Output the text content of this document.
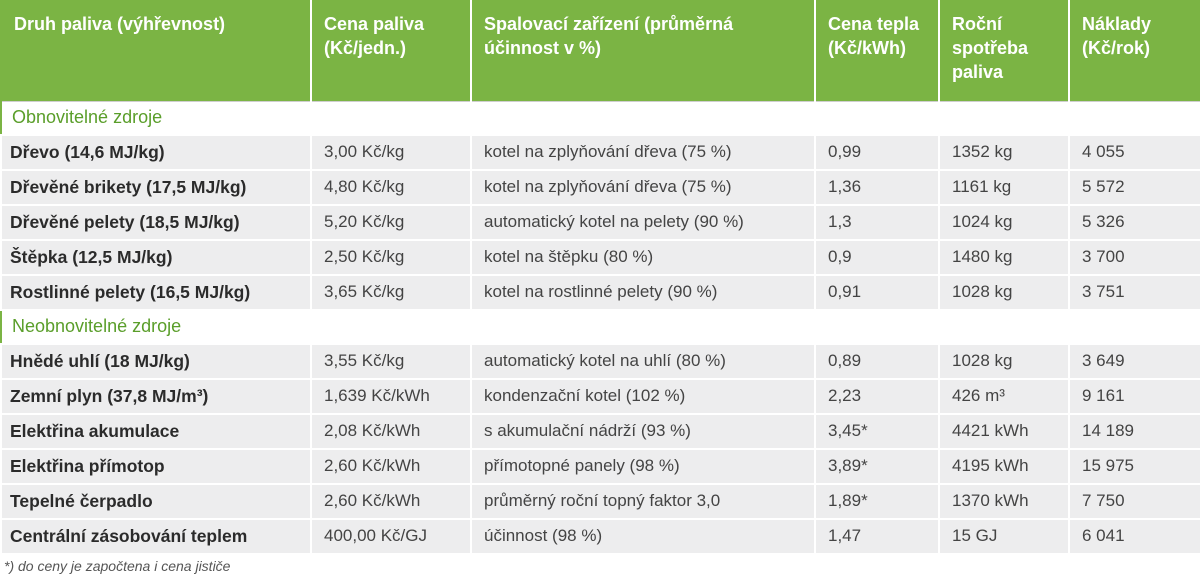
Druh paliva (výhřevnost)	Cena paliva (Kč/jedn.)	Spalovací zařízení (průměrná účinnost v %)	Cena tepla (Kč/kWh)	Roční spotřeba paliva	Náklady (Kč/rok)
Obnovitelné zdroje					
Dřevo (14,6 MJ/kg)	3,00 Kč/kg	kotel na zplyňování dřeva (75 %)	0,99	1352 kg	4 055
Dřevěné brikety (17,5 MJ/kg)	4,80 Kč/kg	kotel na zplyňování dřeva (75 %)	1,36	1161 kg	5 572
Dřevěné pelety (18,5 MJ/kg)	5,20 Kč/kg	automatický kotel na pelety (90 %)	1,3	1024 kg	5 326
Štěpka (12,5 MJ/kg)	2,50 Kč/kg	kotel na štěpku (80 %)	0,9	1480 kg	3 700
Rostlinné pelety (16,5 MJ/kg)	3,65 Kč/kg	kotel na rostlinné pelety (90 %)	0,91	1028 kg	3 751
Neobnovitelné zdroje					
Hnědé uhlí (18 MJ/kg)	3,55 Kč/kg	automatický kotel na uhlí (80 %)	0,89	1028 kg	3 649
Zemní plyn (37,8 MJ/m³)	1,639 Kč/kWh	kondenzační kotel (102 %)	2,23	426 m³	9 161
Elektřina akumulace	2,08 Kč/kWh	s akumulační nádrží (93 %)	3,45*	4421 kWh	14 189
Elektřina přímotop	2,60 Kč/kWh	přímotopné panely (98 %)	3,89*	4195 kWh	15 975
Tepelné čerpadlo	2,60 Kč/kWh	průměrný roční topný faktor 3,0	1,89*	1370 kWh	7 750
Centrální zásobování teplem	400,00 Kč/GJ	účinnost (98 %)	1,47	15 GJ	6 041
*) do ceny je započtena i cena jističe
